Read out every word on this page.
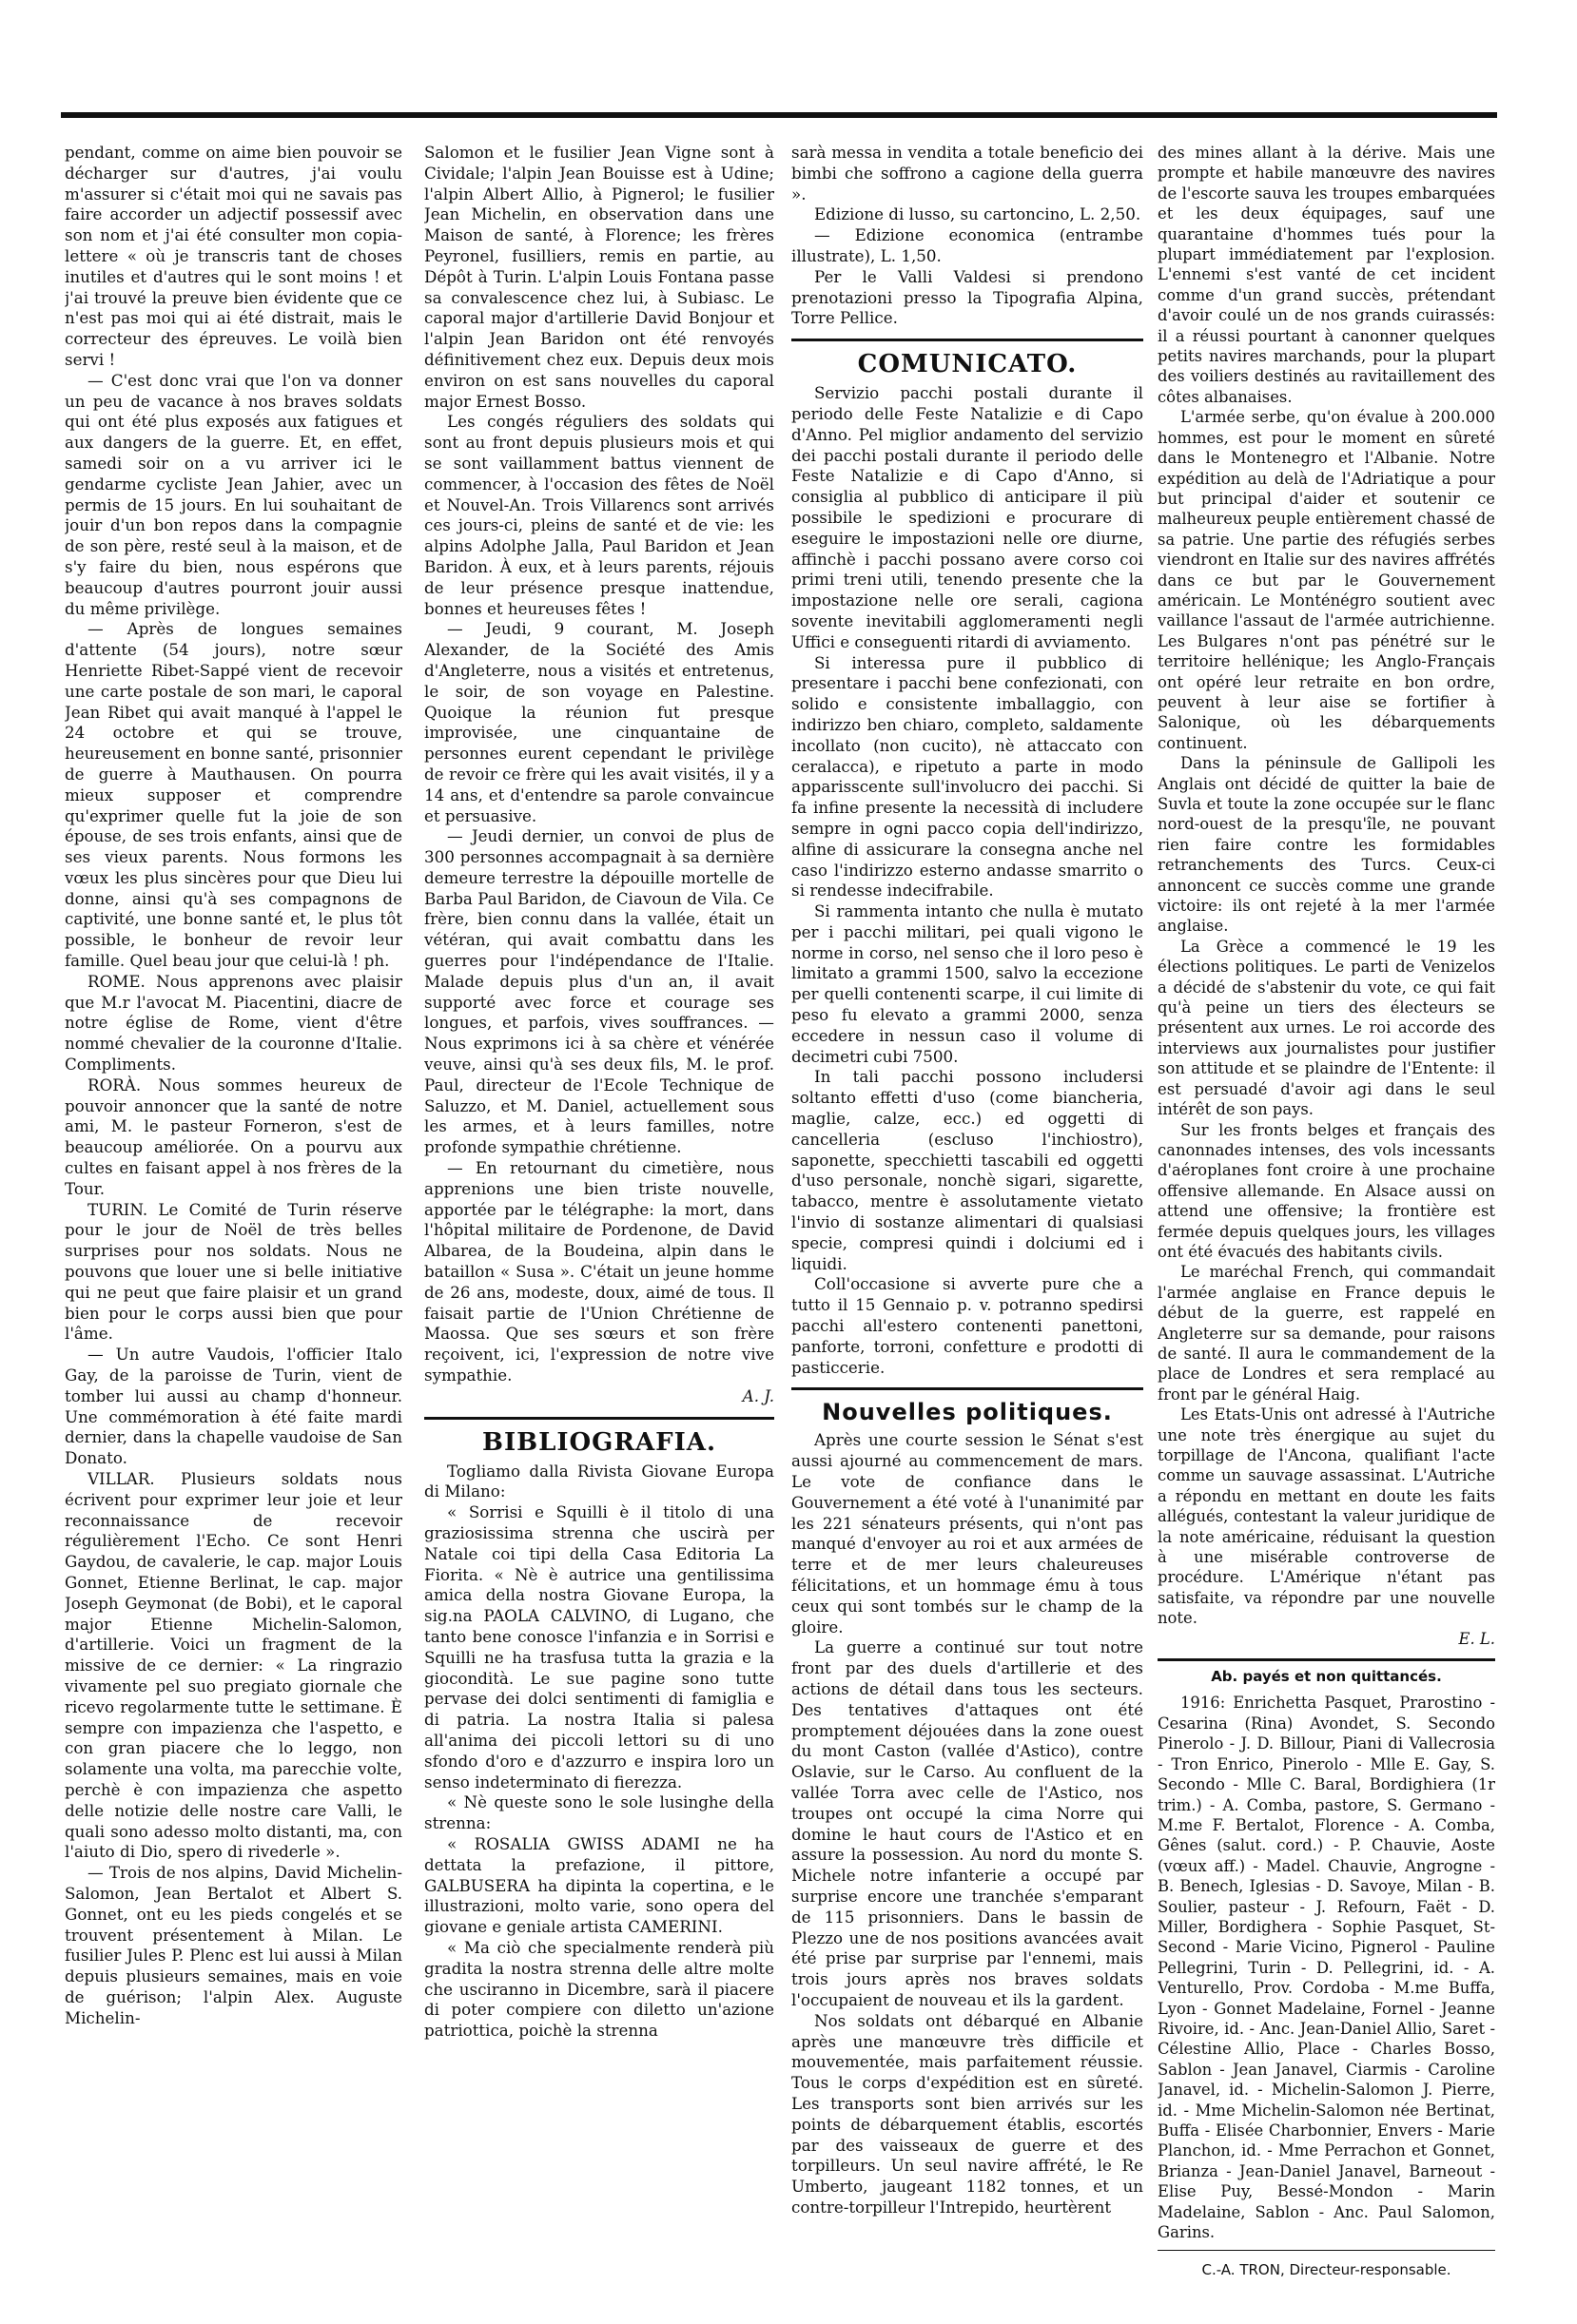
pendant, comme on aime bien pouvoir se décharger sur d'autres, j'ai voulu m'assurer si c'était moi qui ne savais pas faire accorder un adjectif possessif avec son nom et j'ai été consulter mon copia-lettere « où je transcris tant de choses inutiles et d'autres qui le sont moins ! et j'ai trouvé la preuve bien évidente que ce n'est pas moi qui ai été distrait, mais le correcteur des épreuves. Le voilà bien servi !

— C'est donc vrai que l'on va donner un peu de vacance à nos braves soldats qui ont été plus exposés aux fatigues et aux dangers de la guerre. Et, en effet, samedi soir on a vu arriver ici le gendarme cycliste Jean Jahier, avec un permis de 15 jours. En lui souhaitant de jouir d'un bon repos dans la compagnie de son père, resté seul à la maison, et de s'y faire du bien, nous espérons que beaucoup d'autres pourront jouir aussi du même privilège.

— Après de longues semaines d'attente (54 jours), notre sœur Henriette Ribet-Sappé vient de recevoir une carte postale de son mari, le caporal Jean Ribet qui avait manqué à l'appel le 24 octobre et qui se trouve, heureusement en bonne santé, prisonnier de guerre à Mauthausen. On pourra mieux supposer et comprendre qu'exprimer quelle fut la joie de son épouse, de ses trois enfants, ainsi que de ses vieux parents. Nous formons les vœux les plus sincères pour que Dieu lui donne, ainsi qu'à ses compagnons de captivité, une bonne santé et, le plus tôt possible, le bonheur de revoir leur famille. Quel beau jour que celui-là ! ph.

ROME. Nous apprenons avec plaisir que M.r l'avocat M. Piacentini, diacre de notre église de Rome, vient d'être nommé chevalier de la couronne d'Italie. Compliments.

RORÀ. Nous sommes heureux de pouvoir annoncer que la santé de notre ami, M. le pasteur Forneron, s'est de beaucoup améliorée. On a pourvu aux cultes en faisant appel à nos frères de la Tour.

TURIN. Le Comité de Turin réserve pour le jour de Noël de très belles surprises pour nos soldats. Nous ne pouvons que louer une si belle initiative qui ne peut que faire plaisir et un grand bien pour le corps aussi bien que pour l'âme.

— Un autre Vaudois, l'officier Italo Gay, de la paroisse de Turin, vient de tomber lui aussi au champ d'honneur. Une commémoration à été faite mardi dernier, dans la chapelle vaudoise de San Donato.

VILLAR. Plusieurs soldats nous écrivent pour exprimer leur joie et leur reconnaissance de recevoir régulièrement l'Echo. Ce sont Henri Gaydou, de cavalerie, le cap. major Louis Gonnet, Etienne Berlinat, le cap. major Joseph Geymonat (de Bobi), et le caporal major Etienne Michelin-Salomon, d'artillerie. Voici un fragment de la missive de ce dernier: « La ringrazio vivamente pel suo pregiato giornale che ricevo regolarmente tutte le settimane. È sempre con impazienza che l'aspetto, e con gran piacere che lo leggo, non solamente una volta, ma parecchie volte, perchè è con impazienza che aspetto delle notizie delle nostre care Valli, le quali sono adesso molto distanti, ma, con l'aiuto di Dio, spero di rivederle ».

— Trois de nos alpins, David Michelin-Salomon, Jean Bertalot et Albert S. Gonnet, ont eu les pieds congelés et se trouvent présentement à Milan. Le fusilier Jules P. Plenc est lui aussi à Milan depuis plusieurs semaines, mais en voie de guérison; l'alpin Alex. Auguste Michelin-

Salomon et le fusilier Jean Vigne sont à Cividale; l'alpin Jean Bouisse est à Udine; l'alpin Albert Allio, à Pignerol; le fusilier Jean Michelin, en observation dans une Maison de santé, à Florence; les frères Peyronel, fusilliers, remis en partie, au Dépôt à Turin. L'alpin Louis Fontana passe sa convalescence chez lui, à Subiasc. Le caporal major d'artillerie David Bonjour et l'alpin Jean Baridon ont été renvoyés définitivement chez eux. Depuis deux mois environ on est sans nouvelles du caporal major Ernest Bosso.

Les congés réguliers des soldats qui sont au front depuis plusieurs mois et qui se sont vaillamment battus viennent de commencer, à l'occasion des fêtes de Noël et Nouvel-An. Trois Villarencs sont arrivés ces jours-ci, pleins de santé et de vie: les alpins Adolphe Jalla, Paul Baridon et Jean Baridon. À eux, et à leurs parents, réjouis de leur présence presque inattendue, bonnes et heureuses fêtes !

— Jeudi, 9 courant, M. Joseph Alexander, de la Société des Amis d'Angleterre, nous a visités et entretenus, le soir, de son voyage en Palestine. Quoique la réunion fut presque improvisée, une cinquantaine de personnes eurent cependant le privilège de revoir ce frère qui les avait visités, il y a 14 ans, et d'entendre sa parole convaincue et persuasive.

— Jeudi dernier, un convoi de plus de 300 personnes accompagnait à sa dernière demeure terrestre la dépouille mortelle de Barba Paul Baridon, de Ciavoun de Vila. Ce frère, bien connu dans la vallée, était un vétéran, qui avait combattu dans les guerres pour l'indépendance de l'Italie. Malade depuis plus d'un an, il avait supporté avec force et courage ses longues, et parfois, vives souffrances. — Nous exprimons ici à sa chère et vénérée veuve, ainsi qu'à ses deux fils, M. le prof. Paul, directeur de l'Ecole Technique de Saluzzo, et M. Daniel, actuellement sous les armes, et à leurs familles, notre profonde sympathie chrétienne.

— En retournant du cimetière, nous apprenions une bien triste nouvelle, apportée par le télégraphe: la mort, dans l'hôpital militaire de Pordenone, de David Albarea, de la Boudeina, alpin dans le bataillon « Susa ». C'était un jeune homme de 26 ans, modeste, doux, aimé de tous. Il faisait partie de l'Union Chrétienne de Maossa. Que ses sœurs et son frère reçoivent, ici, l'expression de notre vive sympathie.

A. J.
BIBLIOGRAFIA.

Togliamo dalla Rivista Giovane Europa di Milano:

« Sorrisi e Squilli è il titolo di una graziosissima strenna che uscirà per Natale coi tipi della Casa Editoria La Fiorita. « Nè è autrice una gentilissima amica della nostra Giovane Europa, la sig.na PAOLA CALVINO, di Lugano, che tanto bene conosce l'infanzia e in Sorrisi e Squilli ne ha trasfusa tutta la grazia e la giocondità. Le sue pagine sono tutte pervase dei dolci sentimenti di famiglia e di patria. La nostra Italia si palesa all'anima dei piccoli lettori su di uno sfondo d'oro e d'azzurro e inspira loro un senso indeterminato di fierezza.

« Nè queste sono le sole lusinghe della strenna:

« ROSALIA GWISS ADAMI ne ha dettata la prefazione, il pittore, GALBUSERA ha dipinta la copertina, e le illustrazioni, molto varie, sono opera del giovane e geniale artista CAMERINI.

« Ma ciò che specialmente renderà più gradita la nostra strenna delle altre molte che usciranno in Dicembre, sarà il piacere di poter compiere con diletto un'azione patriottica, poichè la strenna

sarà messa in vendita a totale beneficio dei bimbi che soffrono a cagione della guerra ».

Edizione di lusso, su cartoncino, L. 2,50.

— Edizione economica (entrambe illustrate), L. 1,50.

Per le Valli Valdesi si prendono prenotazioni presso la Tipografia Alpina, Torre Pellice.

COMUNICATO.

Servizio pacchi postali durante il periodo delle Feste Natalizie e di Capo d'Anno. Pel miglior andamento del servizio dei pacchi postali durante il periodo delle Feste Natalizie e di Capo d'Anno, si consiglia al pubblico di anticipare il più possibile le spedizioni e procurare di eseguire le impostazioni nelle ore diurne, affinchè i pacchi possano avere corso coi primi treni utili, tenendo presente che la impostazione nelle ore serali, cagiona sovente inevitabili agglomeramenti negli Uffici e conseguenti ritardi di avviamento.

Si interessa pure il pubblico di presentare i pacchi bene confezionati, con solido e consistente imballaggio, con indirizzo ben chiaro, completo, saldamente incollato (non cucito), nè attaccato con ceralacca), e ripetuto a parte in modo apparisscente sull'involucro dei pacchi. Si fa infine presente la necessità di includere sempre in ogni pacco copia dell'indirizzo, alfine di assicurare la consegna anche nel caso l'indirizzo esterno andasse smarrito o si rendesse indecifrabile.

Si rammenta intanto che nulla è mutato per i pacchi militari, pei quali vigono le norme in corso, nel senso che il loro peso è limitato a grammi 1500, salvo la eccezione per quelli contenenti scarpe, il cui limite di peso fu elevato a grammi 2000, senza eccedere in nessun caso il volume di decimetri cubi 7500.

In tali pacchi possono includersi soltanto effetti d'uso (come biancheria, maglie, calze, ecc.) ed oggetti di cancelleria (escluso l'inchiostro), saponette, specchietti tascabili ed oggetti d'uso personale, nonchè sigari, sigarette, tabacco, mentre è assolutamente vietato l'invio di sostanze alimentari di qualsiasi specie, compresi quindi i dolciumi ed i liquidi.

Coll'occasione si avverte pure che a tutto il 15 Gennaio p. v. potranno spedirsi pacchi all'estero contenenti panettoni, panforte, torroni, confetture e prodotti di pasticcerie.

Nouvelles politiques.

Après une courte session le Sénat s'est aussi ajourné au commencement de mars. Le vote de confiance dans le Gouvernement a été voté à l'unanimité par les 221 sénateurs présents, qui n'ont pas manqué d'envoyer au roi et aux armées de terre et de mer leurs chaleureuses félicitations, et un hommage ému à tous ceux qui sont tombés sur le champ de la gloire.

La guerre a continué sur tout notre front par des duels d'artillerie et des actions de détail dans tous les secteurs. Des tentatives d'attaques ont été promptement déjouées dans la zone ouest du mont Caston (vallée d'Astico), contre Oslavie, sur le Carso. Au confluent de la vallée Torra avec celle de l'Astico, nos troupes ont occupé la cima Norre qui domine le haut cours de l'Astico et en assure la possession. Au nord du monte S. Michele notre infanterie a occupé par surprise encore une tranchée s'emparant de 115 prisonniers. Dans le bassin de Plezzo une de nos positions avancées avait été prise par surprise par l'ennemi, mais trois jours après nos braves soldats l'occupaient de nouveau et ils la gardent.

Nos soldats ont débarqué en Albanie après une manœuvre très difficile et mouvementée, mais parfaitement réussie. Tous le corps d'expédition est en sûreté. Les transports sont bien arrivés sur les points de débarquement établis, escortés par des vaisseaux de guerre et des torpilleurs. Un seul navire affrété, le Re Umberto, jaugeant 1182 tonnes, et un contre-torpilleur l'Intrepido, heurtèrent

des mines allant à la dérive. Mais une prompte et habile manœuvre des navires de l'escorte sauva les troupes embarquées et les deux équipages, sauf une quarantaine d'hommes tués pour la plupart immédiatement par l'explosion. L'ennemi s'est vanté de cet incident comme d'un grand succès, prétendant d'avoir coulé un de nos grands cuirassés: il a réussi pourtant à canonner quelques petits navires marchands, pour la plupart des voiliers destinés au ravitaillement des côtes albanaises.

L'armée serbe, qu'on évalue à 200.000 hommes, est pour le moment en sûreté dans le Montenegro et l'Albanie. Notre expédition au delà de l'Adriatique a pour but principal d'aider et soutenir ce malheureux peuple entièrement chassé de sa patrie. Une partie des réfugiés serbes viendront en Italie sur des navires affrétés dans ce but par le Gouvernement américain. Le Monténégro soutient avec vaillance l'assaut de l'armée autrichienne. Les Bulgares n'ont pas pénétré sur le territoire hellénique; les Anglo-Français ont opéré leur retraite en bon ordre, peuvent à leur aise se fortifier à Salonique, où les débarquements continuent.

Dans la péninsule de Gallipoli les Anglais ont décidé de quitter la baie de Suvla et toute la zone occupée sur le flanc nord-ouest de la presqu'île, ne pouvant rien faire contre les formidables retranchements des Turcs. Ceux-ci annoncent ce succès comme une grande victoire: ils ont rejeté à la mer l'armée anglaise.

La Grèce a commencé le 19 les élections politiques. Le parti de Venizelos a décidé de s'abstenir du vote, ce qui fait qu'à peine un tiers des électeurs se présentent aux urnes. Le roi accorde des interviews aux journalistes pour justifier son attitude et se plaindre de l'Entente: il est persuadé d'avoir agi dans le seul intérêt de son pays.

Sur les fronts belges et français des canonnades intenses, des vols incessants d'aéroplanes font croire à une prochaine offensive allemande. En Alsace aussi on attend une offensive; la frontière est fermée depuis quelques jours, les villages ont été évacués des habitants civils.

Le maréchal French, qui commandait l'armée anglaise en France depuis le début de la guerre, est rappelé en Angleterre sur sa demande, pour raisons de santé. Il aura le commandement de la place de Londres et sera remplacé au front par le général Haig.

Les Etats-Unis ont adressé à l'Autriche une note très énergique au sujet du torpillage de l'Ancona, qualifiant l'acte comme un sauvage assassinat. L'Autriche a répondu en mettant en doute les faits allégués, contestant la valeur juridique de la note américaine, réduisant la question à une misérable controverse de procédure. L'Amérique n'étant pas satisfaite, va répondre par une nouvelle note.

E. L.
Ab. payés et non quittancés.

1916: Enrichetta Pasquet, Prarostino - Cesarina (Rina) Avondet, S. Secondo Pinerolo - J. D. Billour, Piani di Vallecrosia - Tron Enrico, Pinerolo - Mlle E. Gay, S. Secondo - Mlle C. Baral, Bordighiera (1r trim.) - A. Comba, pastore, S. Germano - M.me F. Bertalot, Florence - A. Comba, Gênes (salut. cord.) - P. Chauvie, Aoste (vœux aff.) - Madel. Chauvie, Angrogne - B. Benech, Iglesias - D. Savoye, Milan - B. Soulier, pasteur - J. Refourn, Faët - D. Miller, Bordighera - Sophie Pasquet, St-Second - Marie Vicino, Pignerol - Pauline Pellegrini, Turin - D. Pellegrini, id. - A. Venturello, Prov. Cordoba - M.me Buffa, Lyon - Gonnet Madelaine, Fornel - Jeanne Rivoire, id. - Anc. Jean-Daniel Allio, Saret - Célestine Allio, Place - Charles Bosso, Sablon - Jean Janavel, Ciarmis - Caroline Janavel, id. - Michelin-Salomon J. Pierre, id. - Mme Michelin-Salomon née Bertinat, Buffa - Elisée Charbonnier, Envers - Marie Planchon, id. - Mme Perrachon et Gonnet, Brianza - Jean-Daniel Janavel, Barneout - Elise Puy, Bessé-Mondon - Marin Madelaine, Sablon - Anc. Paul Salomon, Garins.

C.-A. TRON, Directeur-responsable.
